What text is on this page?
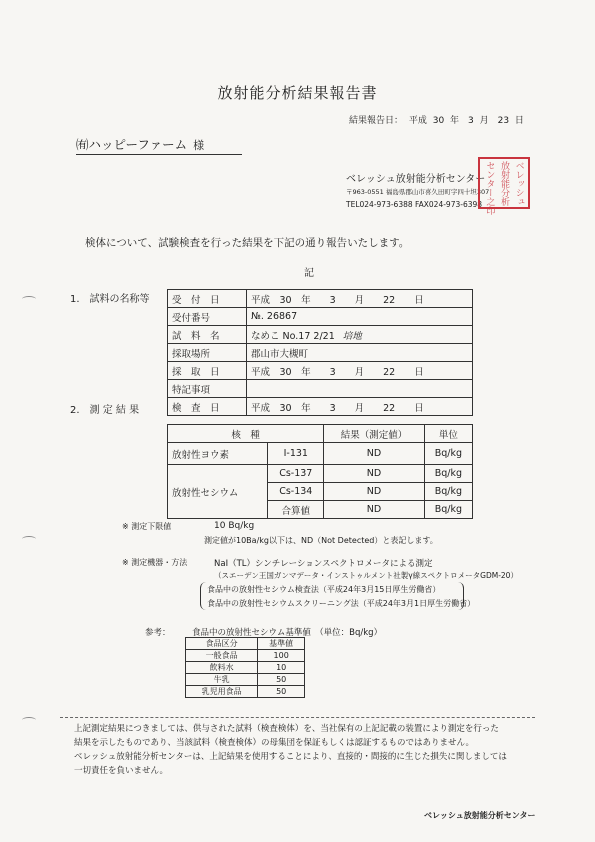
放射能分析結果報告書
結果報告日： 平成 30 年　3 月　23 日
㈲ハッピーファーム 様
ベレッシュ放射能分析センター
〒963-0551 福島県郡山市喜久田町字四十坦307
TEL024-973-6388 FAX024-973-6398	ベレッシュ
放射能分析
センター之印
検体について、試験検査を行った結果を下記の通り報告いたします。
記
1.　試料の名称等 受　付　日	平成　30　年　　3　　月　　22　　日
受付番号	№. 26867
試　料　名	なめこ No.17 2/21 培地
採取場所	郡山市大槻町
採　取　日	平成　30　年　　3　　月　　22　　日
特記事項	
2.　測 定 結 果	検　査　日	平成　30　年　　3　　月　　22　　日
核　種		結果（測定値）	単位
放射性ヨウ素	I-131	ND	Bq/kg
放射性セシウム	Cs-137	ND	Bq/kg
	Cs-134	ND	Bq/kg
	合算値	ND	Bq/kg
※ 測定下限値	10 Bq/kg
測定値が10Ba/kg以下は、ND（Not Detected）と表記します。
※ 測定機器・方法	NaI（TL）シンチレーションスペクトロメータによる測定
（スエーデン王国ガンマデータ・インストゥルメント社製γ線スペクトロメータGDM-20）
食品中の放射性セシウム検査法（平成24年3月15日厚生労働省）
食品中の放射性セシウムスクリーニング法（平成24年3月1日厚生労働省）
参考：	食品中の放射性セシウム基準値　（単位：Bq/kg）
食品区分	基準値
一般食品	100
飲料水	10
牛乳	50
乳児用食品	50
上記測定結果につきましては、供与された試料（検査検体）を、当社保有の上記記載の装置により測定を行った
結果を示したものであり、当該試料（検査検体）の母集団を保証もしくは認証するものではありません。
ベレッシュ放射能分析センターは、上記結果を使用することにより、直接的・間接的に生じた損失に関しましては
一切責任を負いません。
ベレッシュ放射能分析センター
